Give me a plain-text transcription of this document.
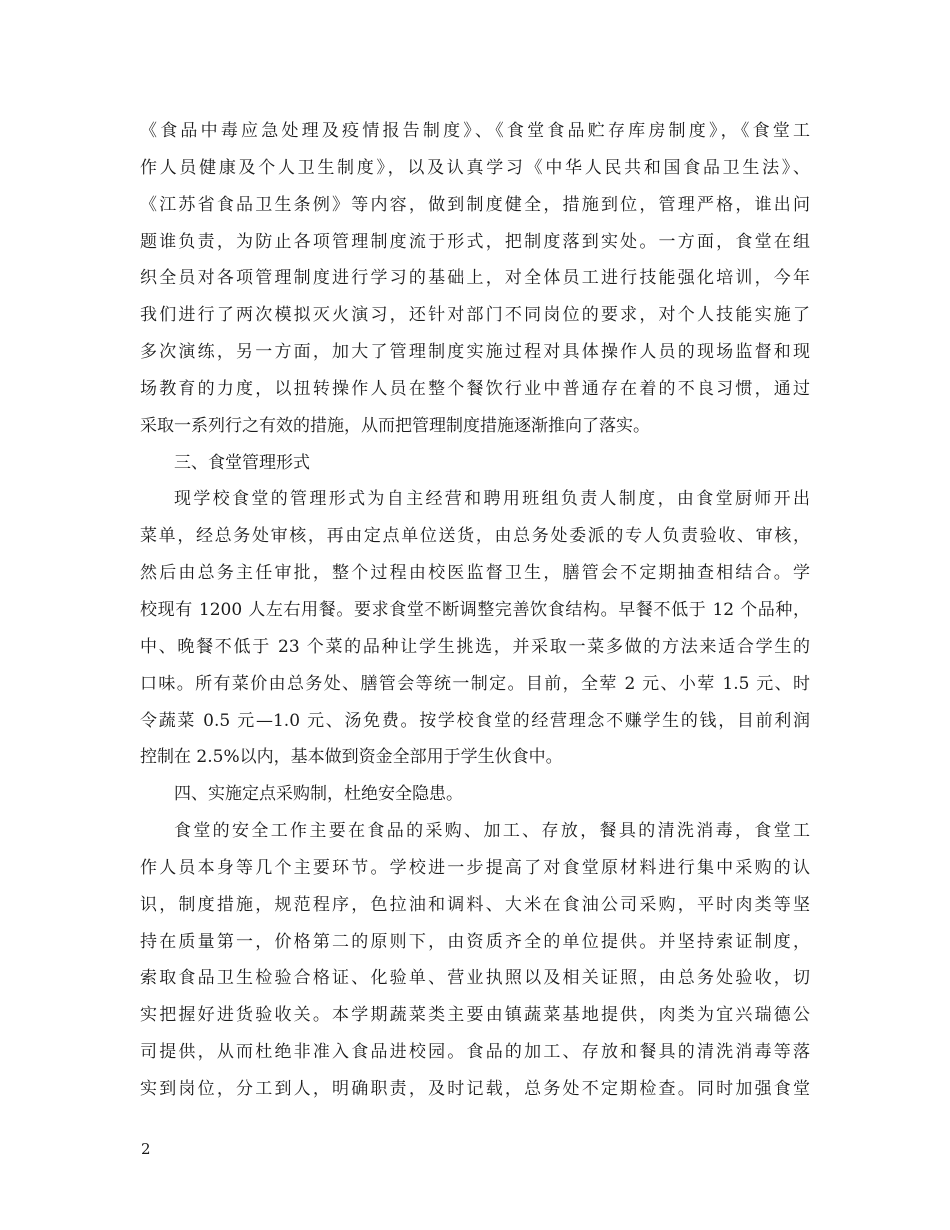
《食品中毒应急处理及疫情报告制度》、《食堂食品贮存库房制度》，《食堂工
作人员健康及个人卫生制度》，以及认真学习《中华人民共和国食品卫生法》、
《江苏省食品卫生条例》等内容，做到制度健全，措施到位，管理严格，谁出问
题谁负责，为防止各项管理制度流于形式，把制度落到实处。一方面，食堂在组
织全员对各项管理制度进行学习的基础上，对全体员工进行技能强化培训，今年
我们进行了两次模拟灭火演习，还针对部门不同岗位的要求，对个人技能实施了
多次演练，另一方面，加大了管理制度实施过程对具体操作人员的现场监督和现
场教育的力度，以扭转操作人员在整个餐饮行业中普通存在着的不良习惯，通过
采取一系列行之有效的措施，从而把管理制度措施逐渐推向了落实。
三、食堂管理形式
现学校食堂的管理形式为自主经营和聘用班组负责人制度，由食堂厨师开出
菜单，经总务处审核，再由定点单位送货，由总务处委派的专人负责验收、审核，
然后由总务主任审批，整个过程由校医监督卫生，膳管会不定期抽查相结合。学
校现有 1200 人左右用餐。要求食堂不断调整完善饮食结构。早餐不低于 12 个品种，
中、晚餐不低于 23 个菜的品种让学生挑选，并采取一菜多做的方法来适合学生的
口味。所有菜价由总务处、膳管会等统一制定。目前，全荤 2 元、小荤 1.5 元、时
令蔬菜 0.5 元—1.0 元、汤免费。按学校食堂的经营理念不赚学生的钱，目前利润
控制在 2.5%以内，基本做到资金全部用于学生伙食中。
四、实施定点采购制，杜绝安全隐患。
食堂的安全工作主要在食品的采购、加工、存放，餐具的清洗消毒，食堂工
作人员本身等几个主要环节。学校进一步提高了对食堂原材料进行集中采购的认
识，制度措施，规范程序，色拉油和调料、大米在食油公司采购，平时肉类等坚
持在质量第一，价格第二的原则下，由资质齐全的单位提供。并坚持索证制度，
索取食品卫生检验合格证、化验单、营业执照以及相关证照，由总务处验收，切
实把握好进货验收关。本学期蔬菜类主要由镇蔬菜基地提供，肉类为宜兴瑞德公
司提供，从而杜绝非准入食品进校园。食品的加工、存放和餐具的清洗消毒等落
实到岗位，分工到人，明确职责，及时记载，总务处不定期检查。同时加强食堂
2
